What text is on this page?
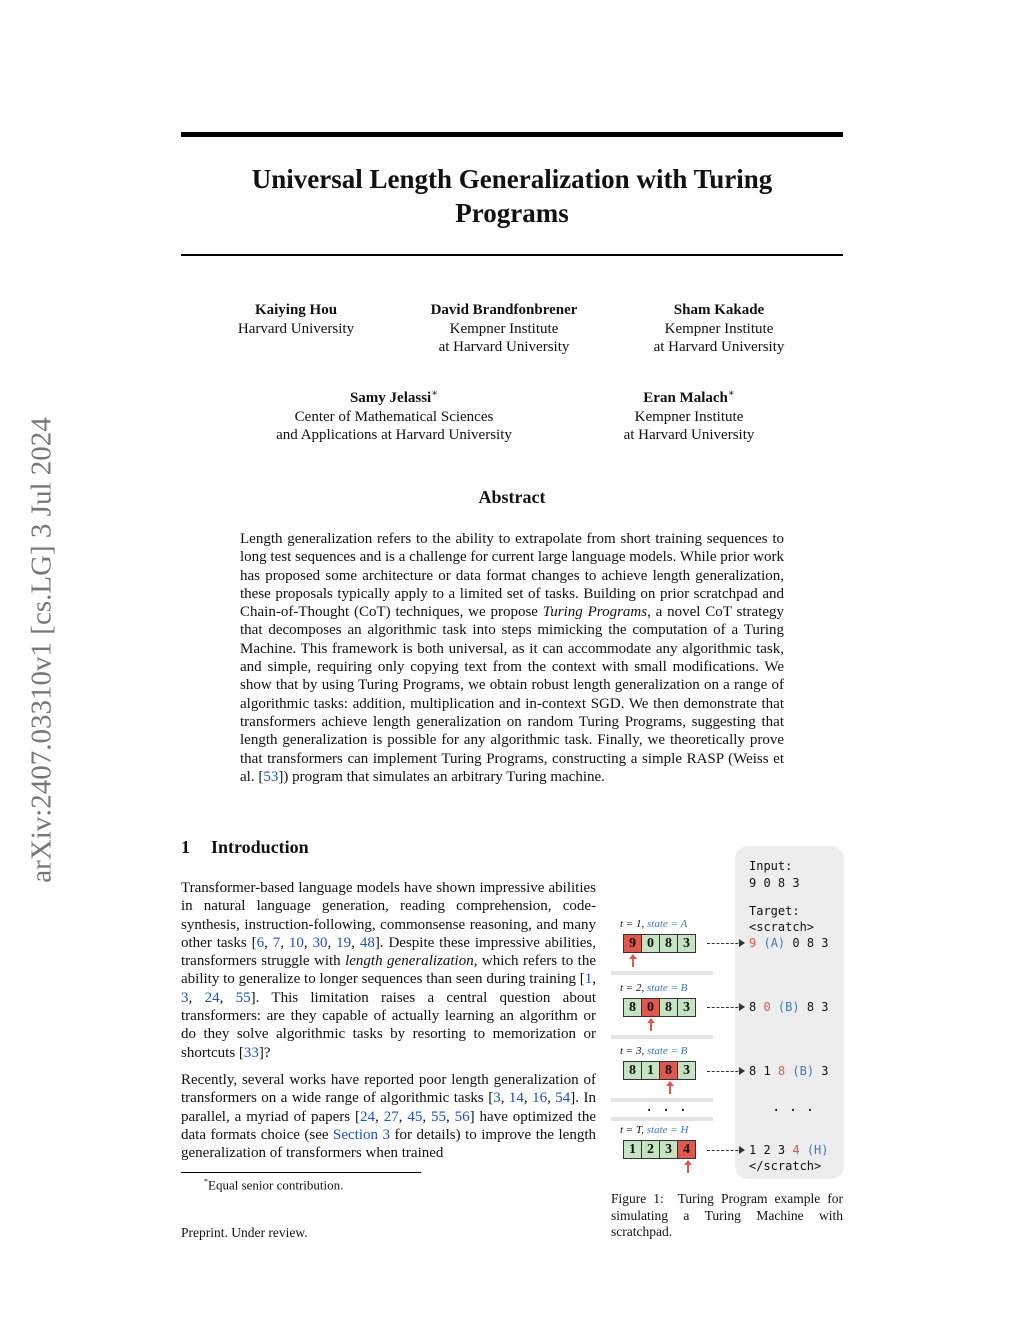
arXiv:2407.03310v1 [cs.LG] 3 Jul 2024
Universal Length Generalization with Turing
Programs
Kaiying Hou
Harvard University
David Brandfonbrener
Kempner Institute
at Harvard University
Sham Kakade
Kempner Institute
at Harvard University
Samy Jelassi∗
Center of Mathematical Sciences
and Applications at Harvard University
Eran Malach∗
Kempner Institute
at Harvard University
Abstract
Length generalization refers to the ability to extrapolate from short training sequences to long test sequences and is a challenge for current large language models. While prior work has proposed some architecture or data format changes to achieve length generalization, these proposals typically apply to a limited set of tasks. Building on prior scratchpad and Chain-of-Thought (CoT) techniques, we propose Turing Programs, a novel CoT strategy that decomposes an algorithmic task into steps mimicking the computation of a Turing Machine. This framework is both universal, as it can accommodate any algorithmic task, and simple, requiring only copying text from the context with small modifications. We show that by using Turing Programs, we obtain robust length generalization on a range of algorithmic tasks: addition, multiplication and in-context SGD. We then demonstrate that transformers achieve length generalization on random Turing Programs, suggesting that length generalization is possible for any algorithmic task. Finally, we theoretically prove that transformers can implement Turing Programs, constructing a simple RASP (Weiss et al. [53]) program that simulates an arbitrary Turing machine.
1 Introduction
Transformer-based language models have shown impressive abilities in natural language generation, reading comprehension, code-synthesis, instruction-following, commonsense reasoning, and many other tasks [6, 7, 10, 30, 19, 48]. Despite these impressive abilities, transformers struggle with length generalization, which refers to the ability to generalize to longer sequences than seen during training [1, 3, 24, 55]. This limitation raises a central question about transformers: are they capable of actually learning an algorithm or do they solve algorithmic tasks by resorting to memorization or shortcuts [33]?
Recently, several works have reported poor length generalization of transformers on a wide range of algorithmic tasks [3, 14, 16, 54]. In parallel, a myriad of papers [24, 27, 45, 55, 56] have optimized the data formats choice (see Section 3 for details) to improve the length generalization of transformers when trained
*Equal senior contribution.
Preprint. Under review.
Input:
9 0 8 3
Target:
<scratch>
t = 1, state = A
9 0 8 3	9 (A) 0 8 3
t = 2, state = B
8 0 8 3	8 0 (B) 8 3
t = 3, state = B
8 1 8 3	8 1 8 (B) 3
. . .	. . .
t = T, state = H
1 2 3 4	1 2 3 4 (H)
</scratch>
Figure 1: Turing Program example for simulating a Turing Machine with scratchpad.
